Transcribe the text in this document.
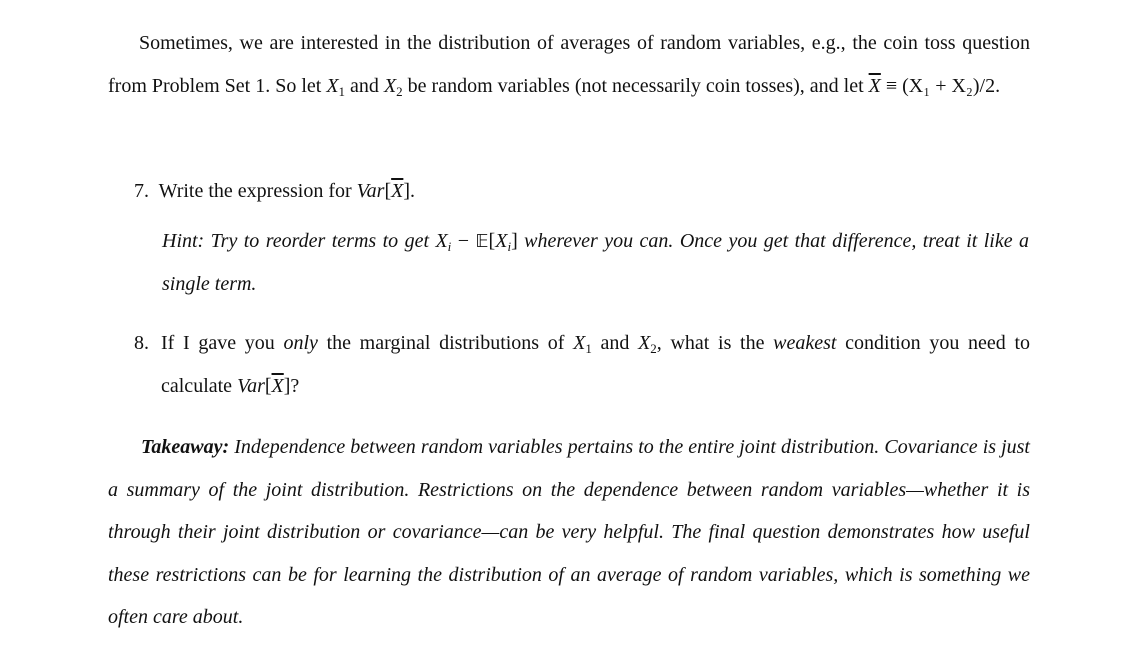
Sometimes, we are interested in the distribution of averages of random variables, e.g., the coin toss question from Problem Set 1. So let $X_1$ and $X_2$ be random variables (not necessarily coin tosses), and let $\overline{X} \equiv (X_1 + X_2)/2$.

7. Write the expression for $Var[\overline{X}]$.

Hint: Try to reorder terms to get $X_i$ − $𝔼[X_i]$ wherever you can. Once you get that difference, treat it like a single term.

8. If I gave you only the marginal distributions of $X_1$ and $X_2$, what is the weakest condition you need to calculate $Var[\overline{X}]$?

Takeaway: Independence between random variables pertains to the entire joint distribution. Covariance is just a summary of the joint distribution. Restrictions on the dependence between random variables—whether it is through their joint distribution or covariance—can be very helpful. The final question demonstrates how useful these restrictions can be for learning the distribution of an average of random variables, which is something we often care about.
